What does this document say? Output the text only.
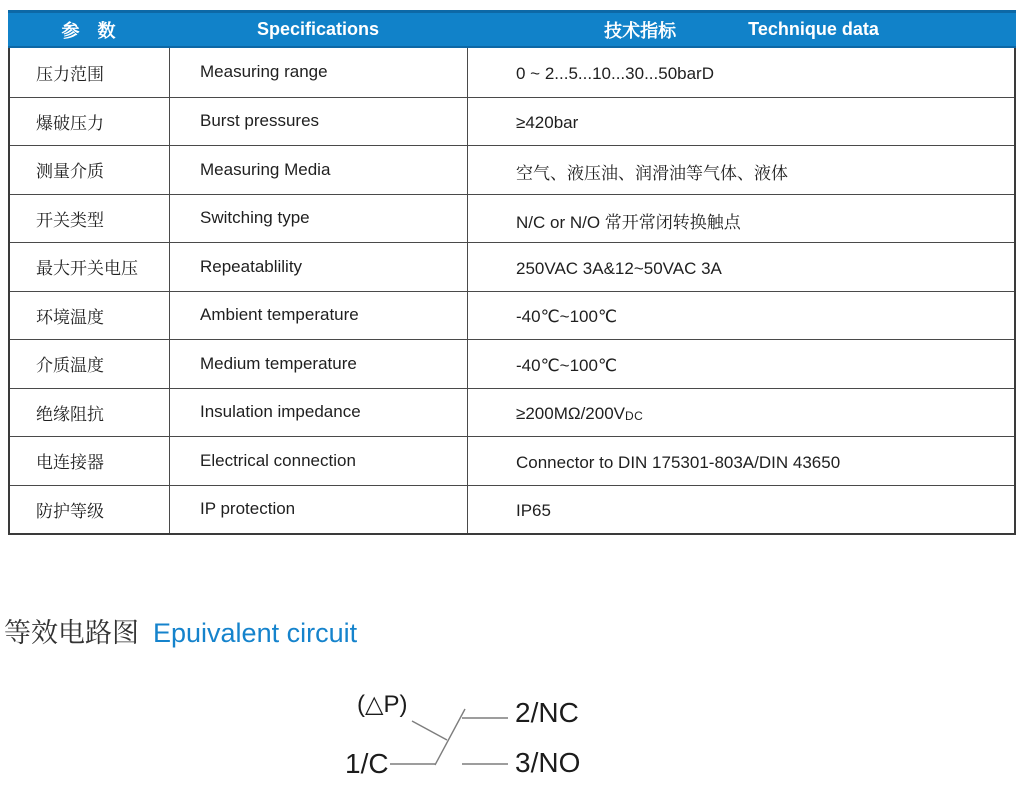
参　数	Specifications	技术指标	Technique data
压力范围	Measuring range	0 ~ 2...5...10...30...50barD
爆破压力	Burst pressures	≥420bar
测量介质	Measuring Media	空气、液压油、润滑油等气体、液体
开关类型	Switching type	N/C or N/O 常开常闭转换触点
最大开关电压	Repeatablility	250VAC 3A&12~50VAC 3A
环境温度	Ambient temperature	-40℃~100℃
介质温度	Medium temperature	-40℃~100℃
绝缘阻抗	Insulation impedance	≥200MΩ/200V DC
电连接器	Electrical connection	Connector to DIN 175301-803A/DIN 43650
防护等级	IP protection	IP65
等效电路图 Epuivalent circuit
(△P)
1/C
2/NC
3/NO
